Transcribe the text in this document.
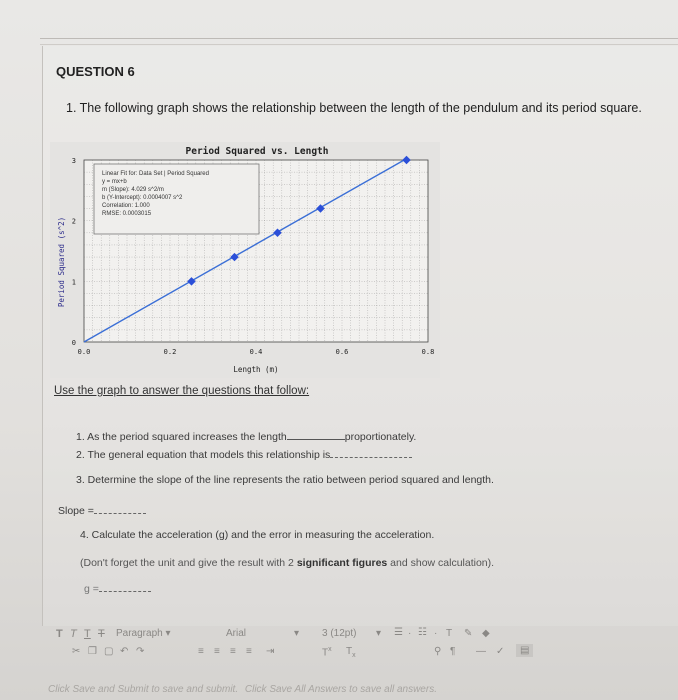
QUESTION 6
1. The following graph shows the relationship between the length of the pendulum and its period square.
Period Squared vs. Length
0
1
2
3
0.0	0.2	0.4	0.6	0.8
Length (m)
Period Squared (s^2)
Linear Fit for: Data Set | Period Squared
y = mx+b
m (Slope): 4.029 s^2/m
b (Y-Intercept): 0.0004007 s^2
Correlation: 1.000
RMSE: 0.0003015
Use the graph to answer the questions that follow:
1. As the period squared increases the length	proportionately.
2. The general equation that models this relationship is
3. Determine the slope of the line represents the ratio between period squared and length.
Slope =
4. Calculate the acceleration (g) and the error in measuring the acceleration.
(Don't forget the unit and give the result with 2 significant figures and show calculation).
g =
T T T T Paragraph ▾	Arial	▾ 3 (12pt) ▾ ☰ · ☷ · T ✎ ◆
✂ ❐ ▢ ↶ ↷	≡ ≡ ≡ ≡ ⇥	$T^x$ $T_x$	⚲ ¶ — ✓	▤
Click Save and Submit to save and submit. Click Save All Answers to save all answers.
